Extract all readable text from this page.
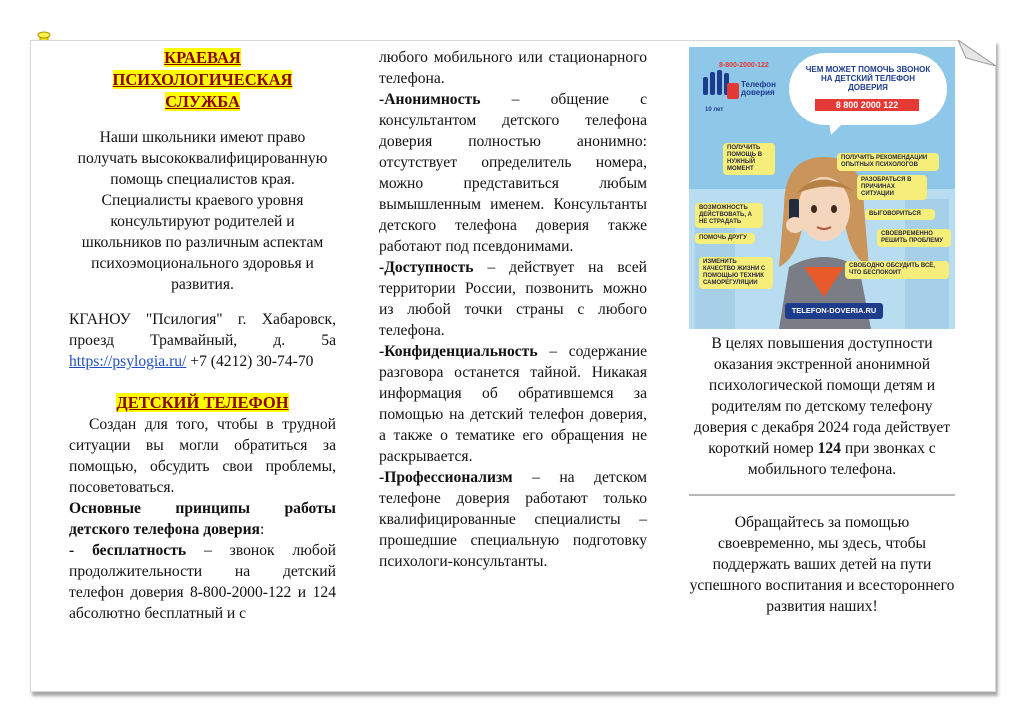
КРАЕВАЯ
ПСИХОЛОГИЧЕСКАЯ
СЛУЖБА

Наши школьники имеют право получать высококвалифицированную помощь специалистов края. Специалисты краевого уровня консультируют родителей и школьников по различным аспектам психоэмоционального здоровья и развития.

КГАНОУ "Псилогия" г. Хабаровск, проезд Трамвайный, д. 5а https://psylogia.ru/ +7 (4212) 30-74-70

ДЕТСКИЙ ТЕЛЕФОН

Создан для того, чтобы в трудной ситуации вы могли обратиться за помощью, обсудить свои проблемы, посоветоваться.

Основные принципы работы детского телефона доверия:

- бесплатность – звонок любой продолжительности на детский телефон доверия 8-800-2000-122 и 124 абсолютно бесплатный и с

любого мобильного или стационарного телефона.

-Анонимность – общение с консультантом детского телефона доверия полностью анонимно: отсутствует определитель номера, можно представиться любым вымышленным именем. Консультанты детского телефона доверия также работают под псевдонимами.

-Доступность – действует на всей территории России, позвонить можно из любой точки страны с любого телефона.

-Конфиденциальность – содержание разговора останется тайной. Никакая информация об обратившемся за помощью на детский телефон доверия, а также о тематике его обращения не раскрывается.

-Профессионализм – на детском телефоне доверия работают только квалифицированные специалисты – прошедшие специальную подготовку психологи-консультанты.

8-800-2000-122
Телефон
доверия
10 лет
ЧЕМ МОЖЕТ ПОМОЧЬ ЗВОНОК НА ДЕТСКИЙ ТЕЛЕФОН ДОВЕРИЯ
8 800 2000 122
ПОЛУЧИТЬ ПОМОЩЬ В НУЖНЫЙ МОМЕНТ
ПОЛУЧИТЬ РЕКОМЕНДАЦИИ ОПЫТНЫХ ПСИХОЛОГОВ
РАЗОБРАТЬСЯ В ПРИЧИНАХ СИТУАЦИИ
ВОЗМОЖНОСТЬ ДЕЙСТВОВАТЬ, А НЕ СТРАДАТЬ
ВЫГОВОРИТЬСЯ
ПОМОЧЬ ДРУГУ
СВОЕВРЕМЕННО РЕШИТЬ ПРОБЛЕМУ
ИЗМЕНИТЬ КАЧЕСТВО ЖИЗНИ С ПОМОЩЬЮ ТЕХНИК САМОРЕГУЛЯЦИИ
СВОБОДНО ОБСУДИТЬ ВСЁ, ЧТО БЕСПОКОИТ
TELEFON-DOVERIA.RU

В целях повышения доступности оказания экстренной анонимной психологической помощи детям и родителям по детскому телефону доверия с декабря 2024 года действует короткий номер 124 при звонках с мобильного телефона.

Обращайтесь за помощью своевременно, мы здесь, чтобы поддержать ваших детей на пути успешного воспитания и всестороннего развития наших!
